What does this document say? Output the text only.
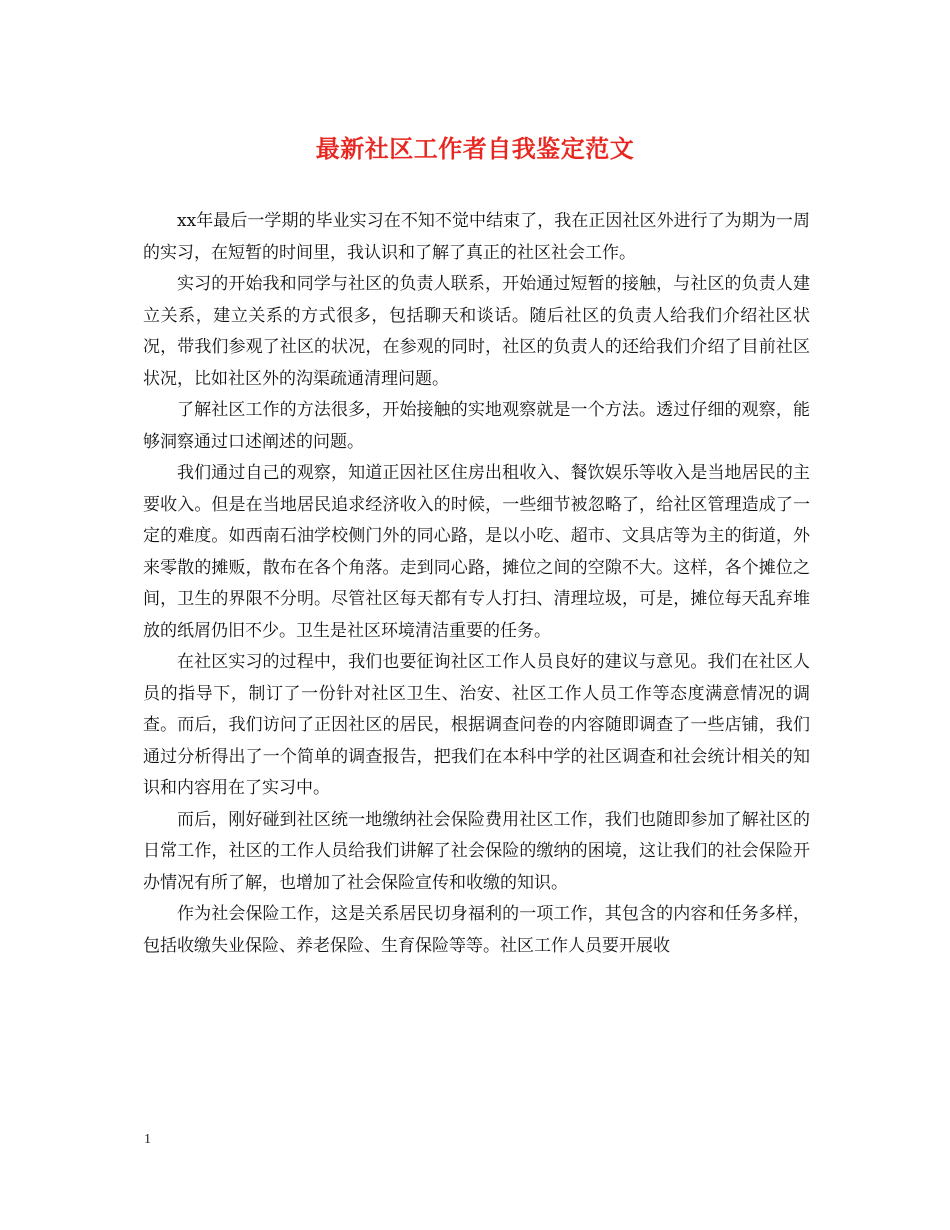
最新社区工作者自我鉴定范文

xx年最后一学期的毕业实习在不知不觉中结束了，我在正因社区外进行了为期为一周的实习，在短暂的时间里，我认识和了解了真正的社区社会工作。

实习的开始我和同学与社区的负责人联系，开始通过短暂的接触，与社区的负责人建立关系，建立关系的方式很多，包括聊天和谈话。随后社区的负责人给我们介绍社区状况，带我们参观了社区的状况，在参观的同时，社区的负责人的还给我们介绍了目前社区状况，比如社区外的沟渠疏通清理问题。

了解社区工作的方法很多，开始接触的实地观察就是一个方法。透过仔细的观察，能够洞察通过口述阐述的问题。

我们通过自己的观察，知道正因社区住房出租收入、餐饮娱乐等收入是当地居民的主要收入。但是在当地居民追求经济收入的时候，一些细节被忽略了，给社区管理造成了一定的难度。如西南石油学校侧门外的同心路，是以小吃、超市、文具店等为主的街道，外来零散的摊贩，散布在各个角落。走到同心路，摊位之间的空隙不大。这样，各个摊位之间，卫生的界限不分明。尽管社区每天都有专人打扫、清理垃圾，可是，摊位每天乱弃堆放的纸屑仍旧不少。卫生是社区环境清洁重要的任务。

在社区实习的过程中，我们也要征询社区工作人员良好的建议与意见。我们在社区人员的指导下，制订了一份针对社区卫生、治安、社区工作人员工作等态度满意情况的调查。而后，我们访问了正因社区的居民，根据调查问卷的内容随即调查了一些店铺，我们通过分析得出了一个简单的调查报告，把我们在本科中学的社区调查和社会统计相关的知识和内容用在了实习中。

而后，刚好碰到社区统一地缴纳社会保险费用社区工作，我们也随即参加了解社区的日常工作，社区的工作人员给我们讲解了社会保险的缴纳的困境，这让我们的社会保险开办情况有所了解，也增加了社会保险宣传和收缴的知识。

作为社会保险工作，这是关系居民切身福利的一项工作，其包含的内容和任务多样，包括收缴失业保险、养老保险、生育保险等等。社区工作人员要开展收

1
